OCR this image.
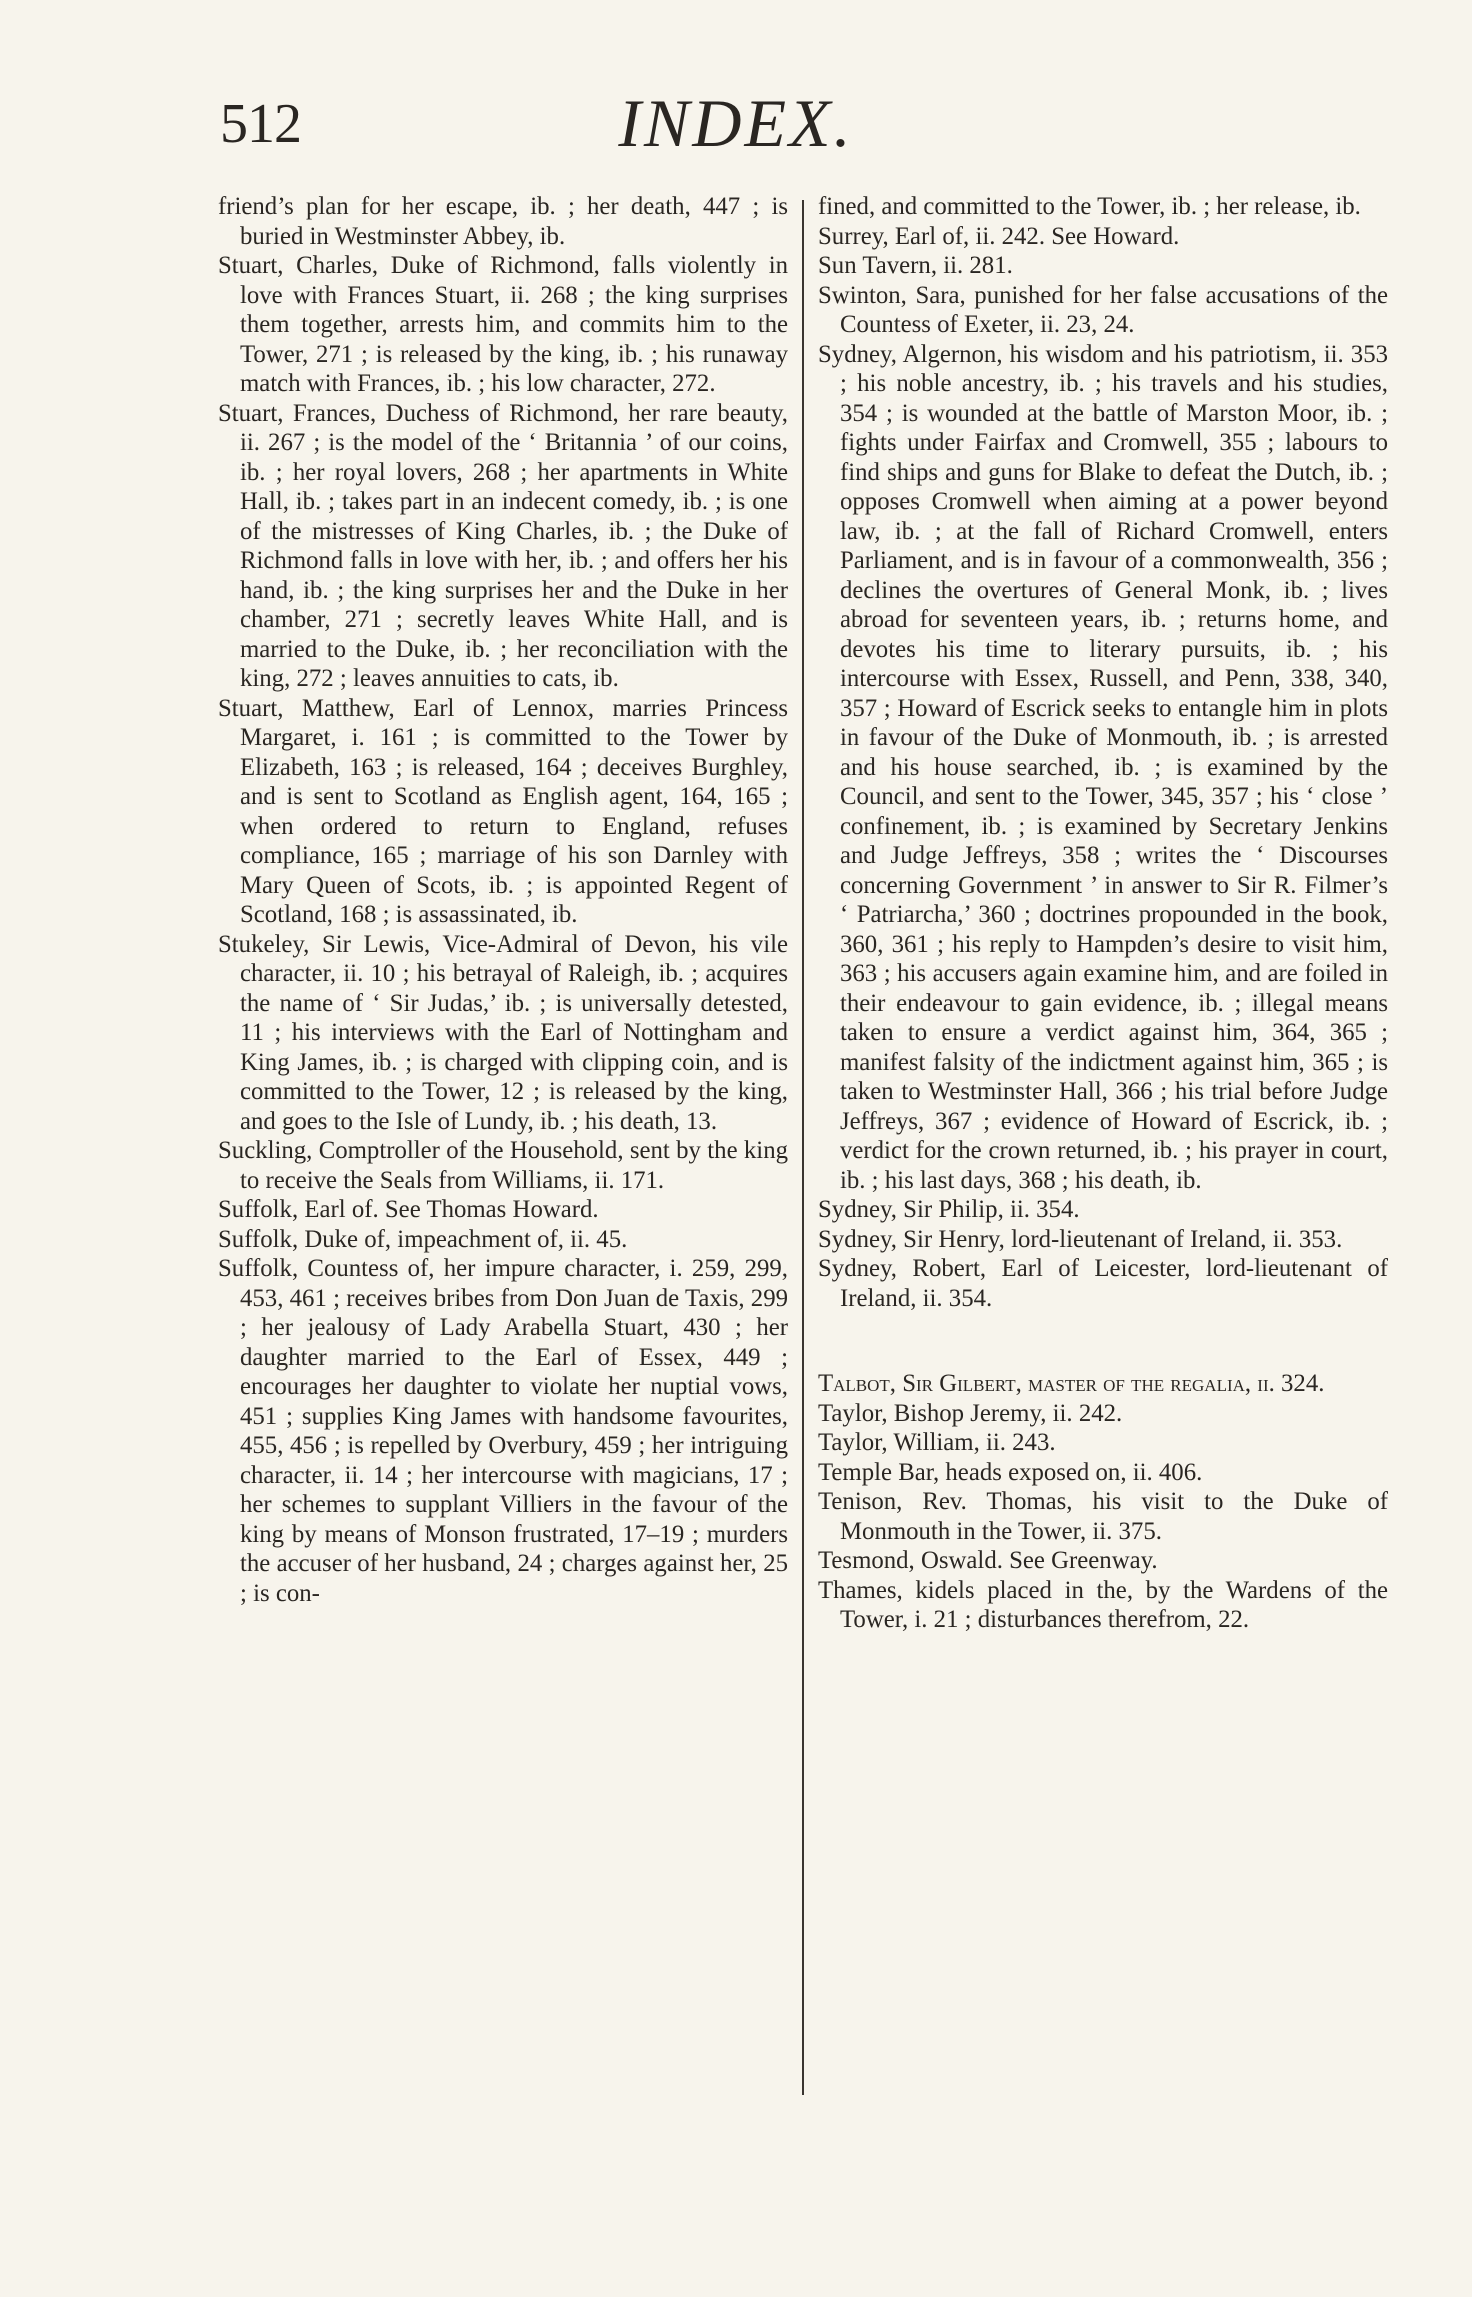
512	INDEX.

friend’s plan for her escape, ib. ; her death, 447 ; is buried in Westminster Abbey, ib.

Stuart, Charles, Duke of Richmond, falls violently in love with Frances Stuart, ii. 268 ; the king surprises them together, arrests him, and commits him to the Tower, 271 ; is released by the king, ib. ; his runaway match with Frances, ib. ; his low character, 272.

Stuart, Frances, Duchess of Richmond, her rare beauty, ii. 267 ; is the model of the ‘ Britannia ’ of our coins, ib. ; her royal lovers, 268 ; her apartments in White Hall, ib. ; takes part in an indecent comedy, ib. ; is one of the mistresses of King Charles, ib. ; the Duke of Richmond falls in love with her, ib. ; and offers her his hand, ib. ; the king surprises her and the Duke in her chamber, 271 ; secretly leaves White Hall, and is married to the Duke, ib. ; her reconciliation with the king, 272 ; leaves annuities to cats, ib.

Stuart, Matthew, Earl of Lennox, marries Princess Margaret, i. 161 ; is committed to the Tower by Elizabeth, 163 ; is released, 164 ; deceives Burghley, and is sent to Scotland as English agent, 164, 165 ; when ordered to return to England, refuses compliance, 165 ; marriage of his son Darnley with Mary Queen of Scots, ib. ; is appointed Regent of Scotland, 168 ; is assassinated, ib.

Stukeley, Sir Lewis, Vice-Admiral of Devon, his vile character, ii. 10 ; his betrayal of Raleigh, ib. ; acquires the name of ‘ Sir Judas,’ ib. ; is universally detested, 11 ; his interviews with the Earl of Nottingham and King James, ib. ; is charged with clipping coin, and is committed to the Tower, 12 ; is released by the king, and goes to the Isle of Lundy, ib. ; his death, 13.

Suckling, Comptroller of the Household, sent by the king to receive the Seals from Williams, ii. 171.

Suffolk, Earl of. See Thomas Howard.

Suffolk, Duke of, impeachment of, ii. 45.

Suffolk, Countess of, her impure character, i. 259, 299, 453, 461 ; receives bribes from Don Juan de Taxis, 299 ; her jealousy of Lady Arabella Stuart, 430 ; her daughter married to the Earl of Essex, 449 ; encourages her daughter to violate her nuptial vows, 451 ; supplies King James with handsome favourites, 455, 456 ; is repelled by Overbury, 459 ; her intriguing character, ii. 14 ; her intercourse with magicians, 17 ; her schemes to supplant Villiers in the favour of the king by means of Monson frustrated, 17–19 ; murders the accuser of her husband, 24 ; charges against her, 25 ; is con-

fined, and committed to the Tower, ib. ; her release, ib.

Surrey, Earl of, ii. 242. See Howard.

Sun Tavern, ii. 281.

Swinton, Sara, punished for her false accusations of the Countess of Exeter, ii. 23, 24.

Sydney, Algernon, his wisdom and his patriotism, ii. 353 ; his noble ancestry, ib. ; his travels and his studies, 354 ; is wounded at the battle of Marston Moor, ib. ; fights under Fairfax and Cromwell, 355 ; labours to find ships and guns for Blake to defeat the Dutch, ib. ; opposes Cromwell when aiming at a power beyond law, ib. ; at the fall of Richard Cromwell, enters Parliament, and is in favour of a commonwealth, 356 ; declines the overtures of General Monk, ib. ; lives abroad for seventeen years, ib. ; returns home, and devotes his time to literary pursuits, ib. ; his intercourse with Essex, Russell, and Penn, 338, 340, 357 ; Howard of Escrick seeks to entangle him in plots in favour of the Duke of Monmouth, ib. ; is arrested and his house searched, ib. ; is examined by the Council, and sent to the Tower, 345, 357 ; his ‘ close ’ confinement, ib. ; is examined by Secretary Jenkins and Judge Jeffreys, 358 ; writes the ‘ Discourses concerning Government ’ in answer to Sir R. Filmer’s ‘ Patriarcha,’ 360 ; doctrines propounded in the book, 360, 361 ; his reply to Hampden’s desire to visit him, 363 ; his accusers again examine him, and are foiled in their endeavour to gain evidence, ib. ; illegal means taken to ensure a verdict against him, 364, 365 ; manifest falsity of the indictment against him, 365 ; is taken to Westminster Hall, 366 ; his trial before Judge Jeffreys, 367 ; evidence of Howard of Escrick, ib. ; verdict for the crown returned, ib. ; his prayer in court, ib. ; his last days, 368 ; his death, ib.

Sydney, Sir Philip, ii. 354.

Sydney, Sir Henry, lord-lieutenant of Ireland, ii. 353.

Sydney, Robert, Earl of Leicester, lord-lieutenant of Ireland, ii. 354.

Talbot, Sir Gilbert, master of the regalia, ii. 324.

Taylor, Bishop Jeremy, ii. 242.

Taylor, William, ii. 243.

Temple Bar, heads exposed on, ii. 406.

Tenison, Rev. Thomas, his visit to the Duke of Monmouth in the Tower, ii. 375.

Tesmond, Oswald. See Greenway.

Thames, kidels placed in the, by the Wardens of the Tower, i. 21 ; disturbances therefrom, 22.
